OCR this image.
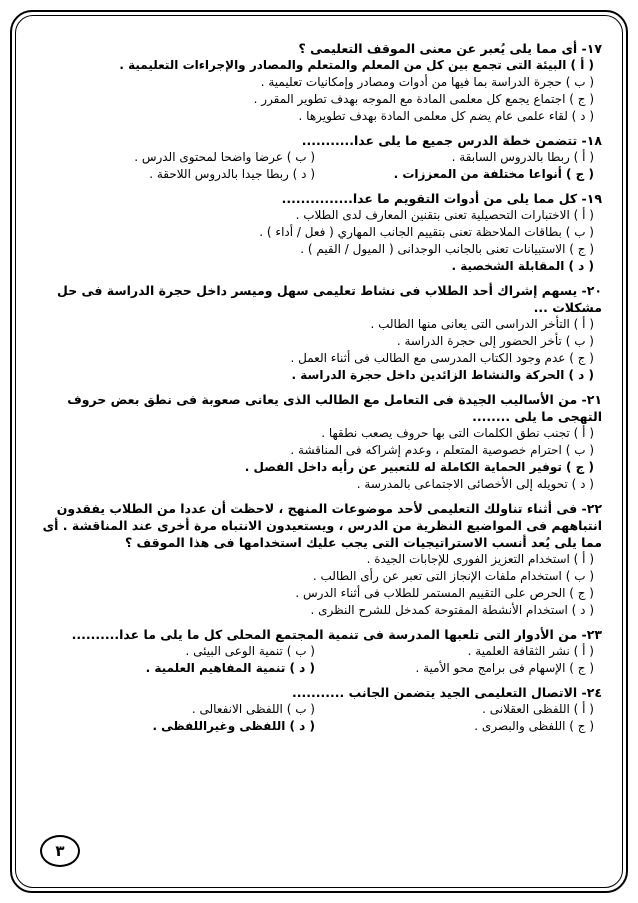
١٧- أى مما يلى يُعبر عن معنى الموقف التعليمى ؟
( أ ) البيئة التى تجمع بين كل من المعلم والمتعلم والمصادر والإجراءات التعليمية .
( ب ) حجرة الدراسة بما فيها من أدوات ومصادر وإمكانيات تعليمية .
( ج ) اجتماع يجمع كل معلمى المادة مع الموجه بهدف تطوير المقرر .
( د ) لقاء علمى عام يضم كل معلمى المادة بهدف تطويرها .
١٨- تتضمن خطة الدرس جميع ما يلى عدا...........
( أ ) ربطا بالدروس السابقة .
( ب ) عرضا واضحا لمحتوى الدرس .
( ج ) أنواعا مختلفة من المعززات .
( د ) ربطا جيدا بالدروس اللاحقة .
١٩- كل مما يلى من أدوات التقويم ما عدا...............
( أ ) الاختبارات التحصيلية تعنى بتقنين المعارف لدى الطلاب .
( ب ) بطاقات الملاحظة تعنى بتقييم الجانب المهاري ( فعل / أداء ) .
( ج ) الاستبيانات تعنى بالجانب الوجدانى ( الميول / القيم ) .
( د ) المقابلة الشخصية .
٢٠- يسهم إشراك أحد الطلاب فى نشاط تعليمى سهل وميسر داخل حجرة الدراسة فى حل مشكلات ...
( أ ) التأخر الدراسى التى يعانى منها الطالب .
( ب ) تأخر الحضور إلى حجرة الدراسة .
( ج ) عدم وجود الكتاب المدرسى مع الطالب فى أثناء العمل .
( د ) الحركة والنشاط الزائدين داخل حجرة الدراسة .
٢١- من الأساليب الجيدة فى التعامل مع الطالب الذى يعانى صعوبة فى نطق بعض حروف التهجى ما يلى ........
( أ ) تجنب نطق الكلمات التى بها حروف يصعب نطقها .
( ب ) احترام خصوصية المتعلم ، وعدم إشراكه فى المناقشة .
( ج ) توفير الحماية الكاملة له للتعبير عن رأيه داخل الفصل .
( د ) تحويله إلى الأخصائى الاجتماعى بالمدرسة .
٢٢- فى أثناء تناولك التعليمى لأحد موضوعات المنهج ، لاحظت أن عددا من الطلاب يفقدون انتباههم فى المواضيع النظرية من الدرس ، ويستعيدون الانتباه مرة أخرى عند المناقشة . أى مما يلى يُعد أنسب الاستراتيجيات التى يجب عليك استخدامها فى هذا الموقف ؟
( أ ) استخدام التعزيز الفورى للإجابات الجيدة .
( ب ) استخدام ملفات الإنجاز التى تعبر عن رأى الطالب .
( ج ) الحرص على التقييم المستمر للطلاب فى أثناء الدرس .
( د ) استخدام الأنشطة المفتوحة كمدخل للشرح النظرى .
٢٣- من الأدوار التى تلعبها المدرسة فى تنمية المجتمع المحلى كل ما يلى ما عدا..........
( أ ) نشر الثقافة العلمية .
( ب ) تنمية الوعى البيئى .
( ج ) الإسهام فى برامج محو الأمية .
( د ) تنمية المفاهيم العلمية .
٢٤- الاتصال التعليمى الجيد يتضمن الجانب ...........
( أ ) اللفظى العقلانى .
( ب ) اللفظى الانفعالى .
( ج ) اللفظى والبصرى .
( د ) اللفظى وغيراللفظى .
٣
